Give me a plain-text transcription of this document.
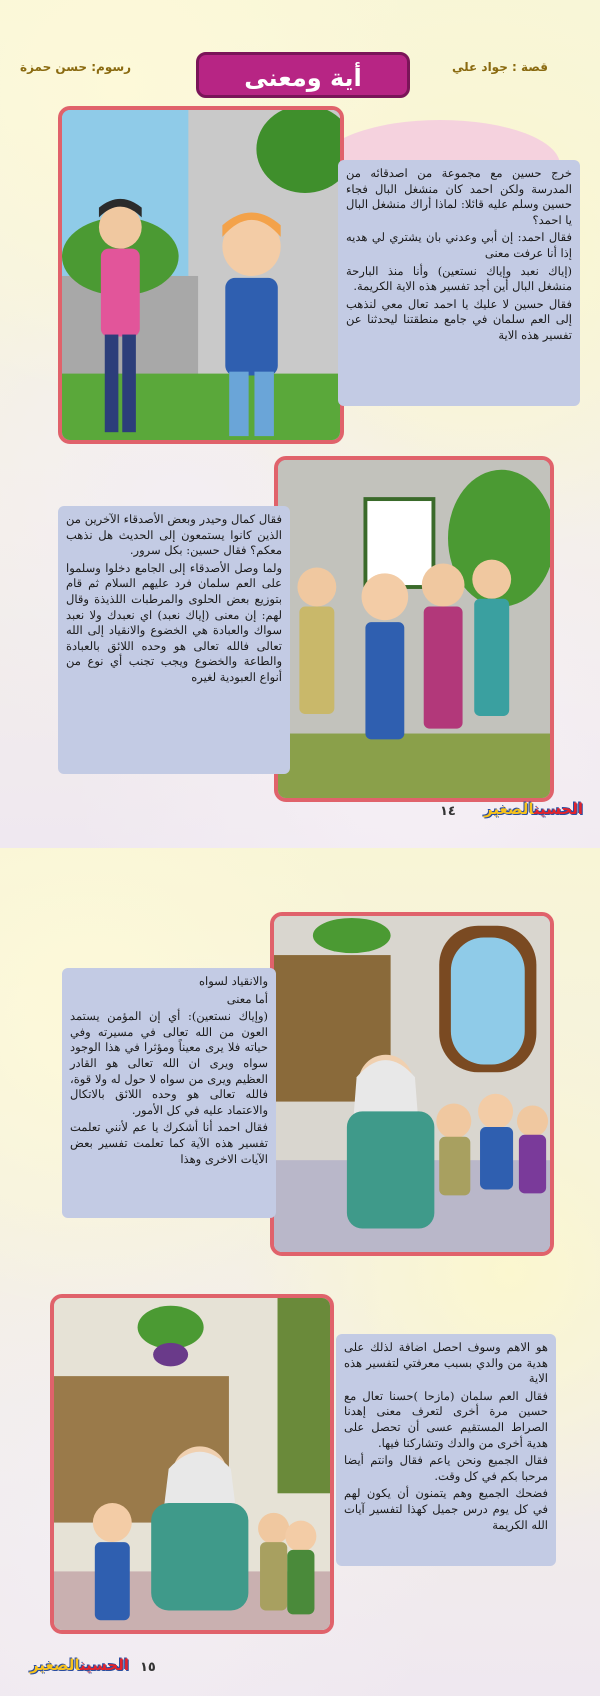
قصة : جواد علي
أية ومعنى
رسوم: حسن حمزة

خرج حسين مع مجموعة من اصدقائه من المدرسة ولكن احمد كان منشغل البال فجاء حسين وسلم عليه قائلا: لماذا أراك منشغل البال يا احمد؟

فقال احمد: إن أبي وعدني بان يشتري لي هديه إذا أنا عرفت معنى

(إياك نعبد وإياك نستعين) وأنا منذ البارحة منشغل البال أين أجد تفسير هذه الاية الكريمة.

فقال حسين لا عليك يا احمد تعال معي لنذهب إلى العم سلمان في جامع منطقتنا ليحدثنا عن تفسير هذه الاية

فقال كمال وحيدر وبعض الأصدقاء الآخرين من الذين كانوا يستمعون إلى الحديث هل نذهب معكم؟ فقال حسين: بكل سرور.

ولما وصل الأصدقاء إلى الجامع دخلوا وسلموا على العم سلمان فرد عليهم السلام ثم قام بتوزيع بعض الحلوى والمرطبات اللذيذة وقال لهم: إن معنى (إياك نعبد) اي نعبدك ولا نعبد سواك والعبادة هي الخضوع والانقياد إلى الله تعالى فالله تعالى هو وحده اللائق بالعبادة والطاعة والخضوع ويجب تجنب أي نوع من أنواع العبودية لغيره

١٤	الحسينالصغير

والانقياد لسواه

أما معنى

(وإياك نستعين): أي إن المؤمن يستمد العون من الله تعالى في مسيرته وفي حياته فلا يرى معيناً ومؤثرا في هذا الوجود سواه ويرى ان الله تعالى هو القادر العظيم ويرى من سواه لا حول له ولا قوة، فالله تعالى هو وحده اللائق بالاتكال والاعتماد عليه في كل الأمور.

فقال احمد أنا أشكرك يا عم لأنني تعلمت تفسير هذه الآية كما تعلمت تفسير بعض الآيات الاخرى وهذا

هو الاهم وسوف احصل اضافة لذلك على هدية من والدي بسبب معرفتي لتفسير هذه الاية

فقال العم سلمان (مازحا )حسنا تعال مع حسين مرة أخرى لتعرف معنى إهدنا الصراط المستقيم عسى أن تحصل على هدية أخرى من والدك وتشاركنا فيها.

فقال الجميع ونحن ياعم فقال وانتم أيضا مرحبا بكم في كل وقت.

فضحك الجميع وهم يتمنون أن يكون لهم في كل يوم درس جميل كهذا لتفسير آيات الله الكريمة

الحسينالصغير	١٥
